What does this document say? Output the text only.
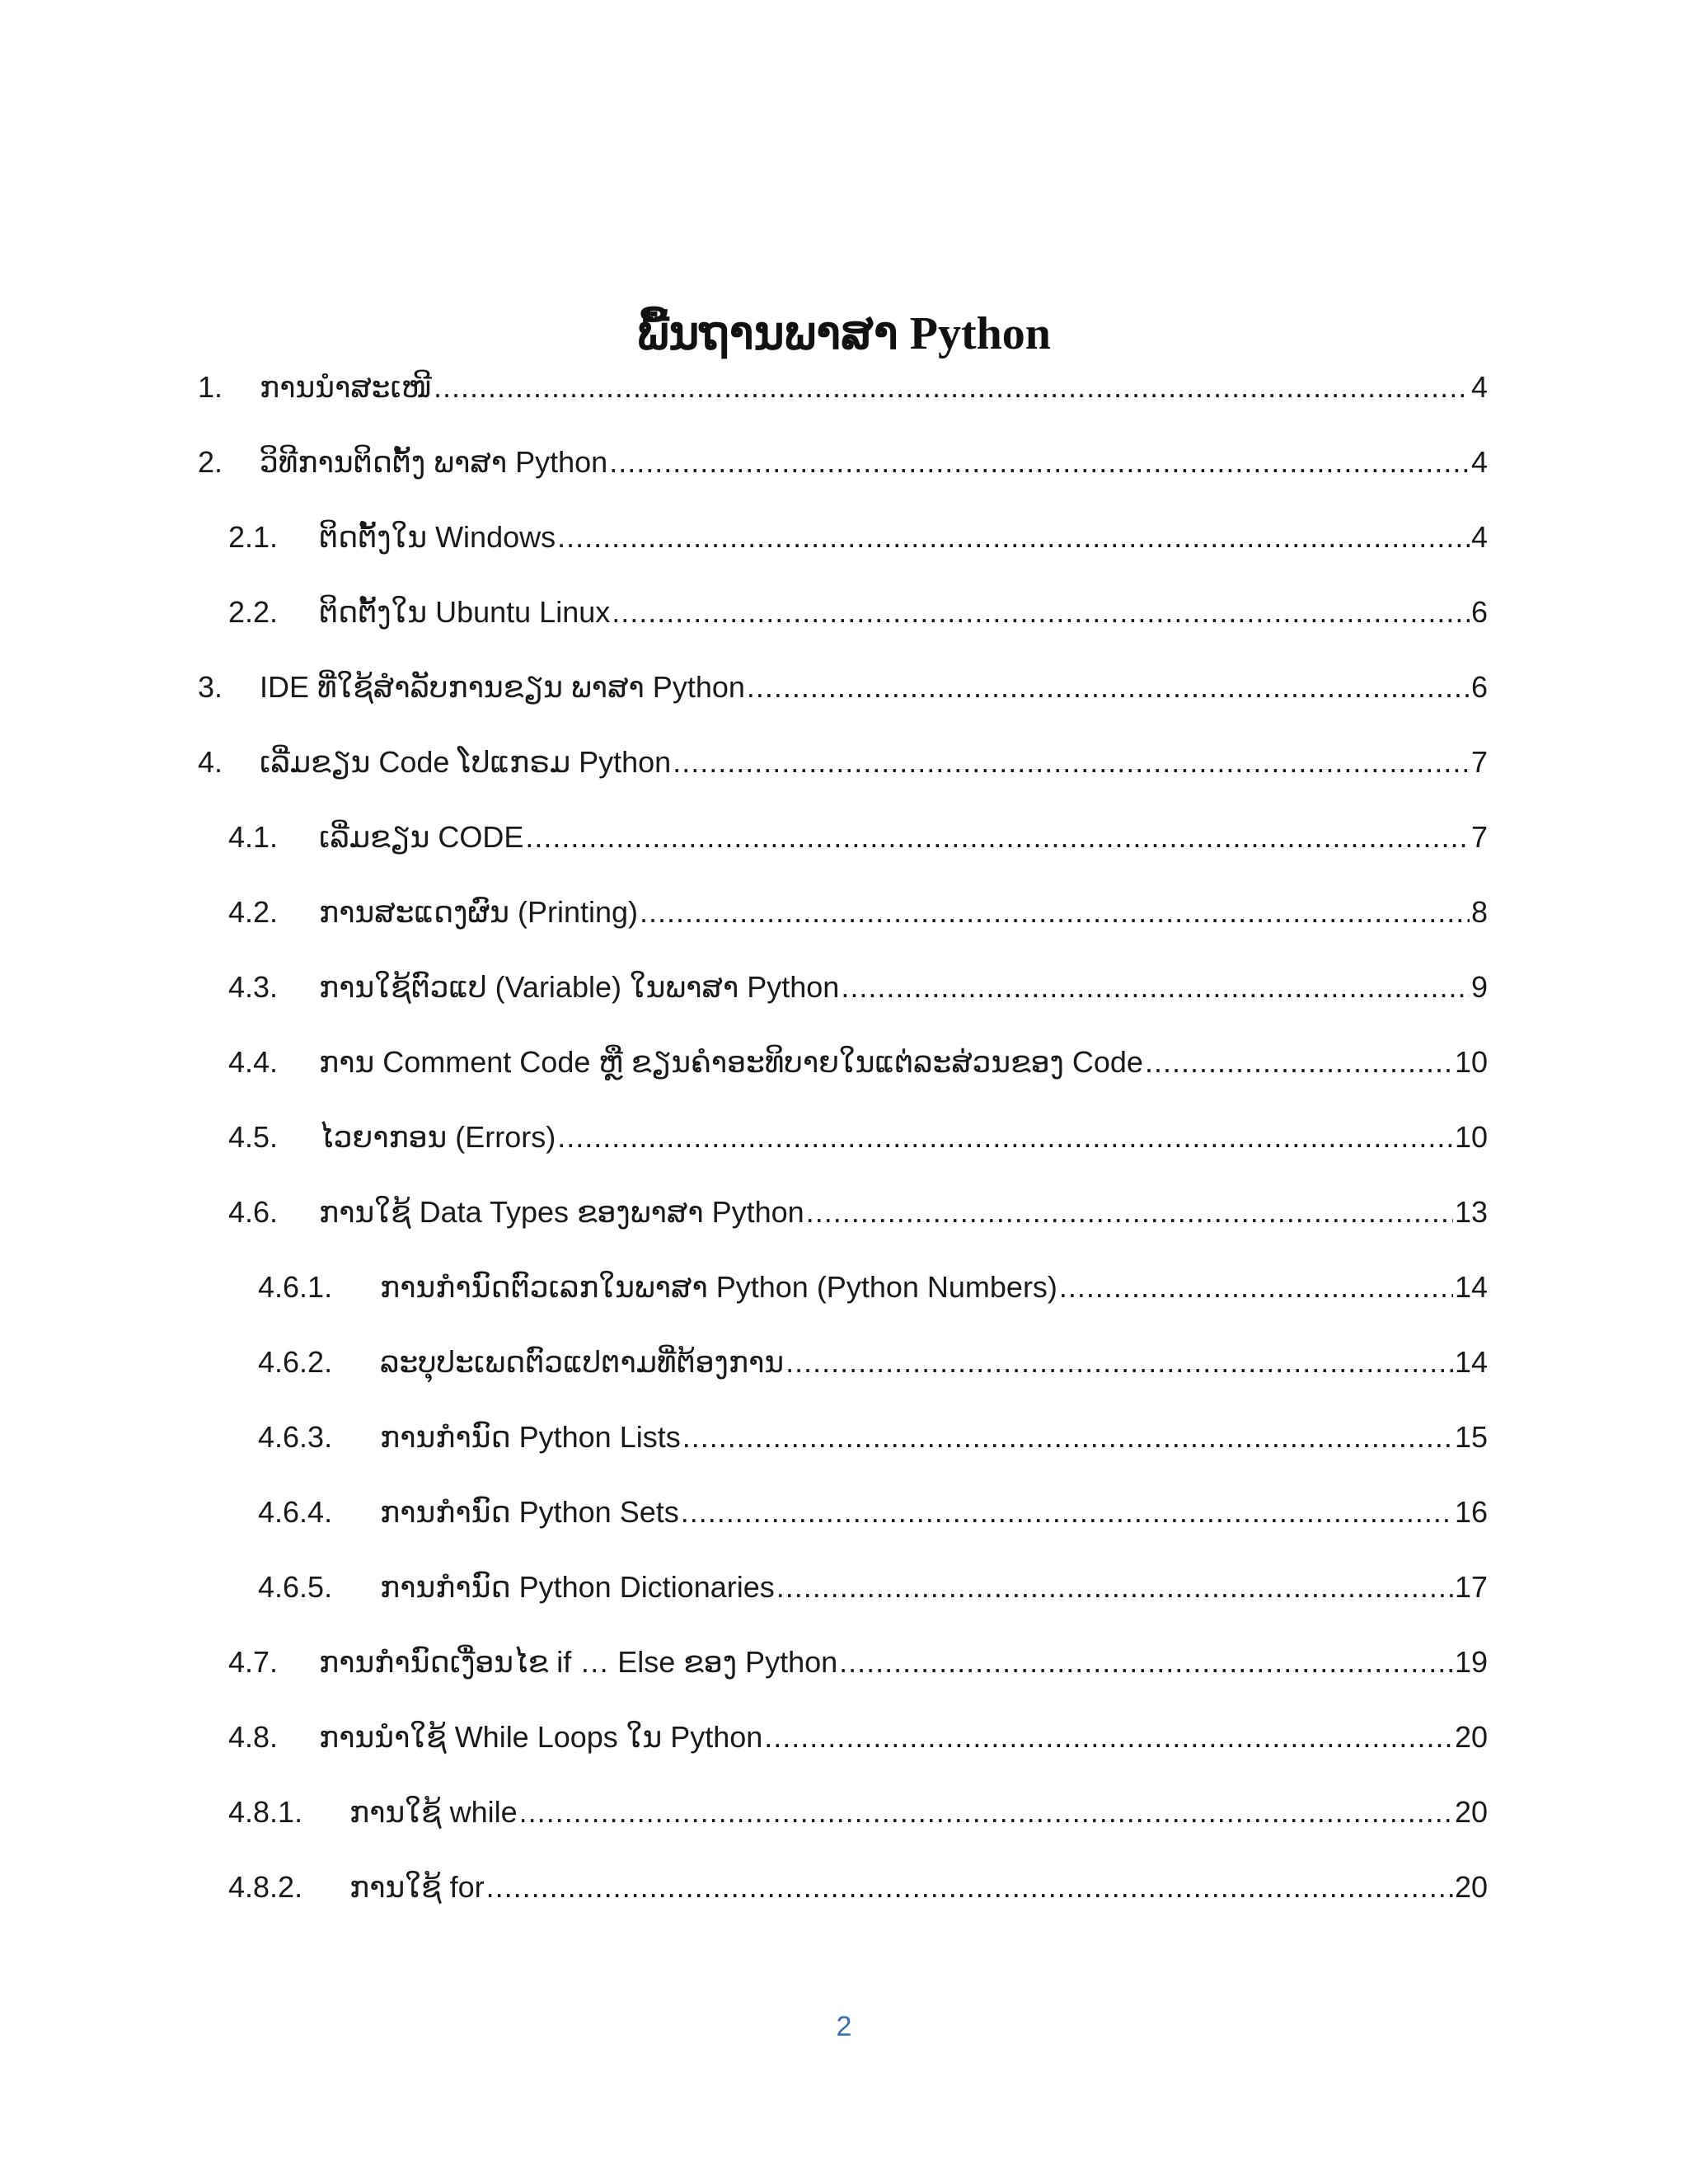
ພື້ນຖານພາສາ Python
1.	ການນຳສະເໜີ .....	4
2.	ວິທີການຕິດຕັ້ງ ພາສາ Python .....	4
2.1.	ຕິດຕັ້ງໃນ Windows .....	4
2.2.	ຕິດຕັ້ງໃນ Ubuntu Linux .....	6
3.	IDE ທີ່ໃຊ້ສຳລັບການຂຽນ ພາສາ Python .....	6
4.	ເລີ່ມຂຽນ Code ໂປແກຣມ Python .....	7
4.1.	ເລີ່ມຂຽນ CODE .....	7
4.2.	ການສະແດງຜົນ (Printing) .....	8
4.3.	ການໃຊ້ຕົວແປ (Variable) ໃນພາສາ Python .....	9
4.4.	ການ Comment Code ຫຼື ຂຽນຄຳອະທິບາຍໃນແຕ່ລະສ່ວນຂອງ Code .....	10
4.5.	ໄວຍາກອນ (Errors) .....	10
4.6.	ການໃຊ້ Data Types ຂອງພາສາ Python .....	13
4.6.1.	ການກຳນົດຕົວເລກໃນພາສາ Python (Python Numbers) .....	14
4.6.2.	ລະບຸປະເພດຕົວແປຕາມທີ່ຕ້ອງການ .....	14
4.6.3.	ການກຳນົດ Python Lists .....	15
4.6.4.	ການກຳນົດ Python Sets .....	16
4.6.5.	ການກຳນົດ Python Dictionaries .....	17
4.7.	ການກຳນົດເງື່ອນໄຂ if … Else ຂອງ Python .....	19
4.8.	ການນຳໃຊ້ While Loops ໃນ Python .....	20
4.8.1.	ການໃຊ້ while .....	20
4.8.2.	ການໃຊ້ for .....	20
2
